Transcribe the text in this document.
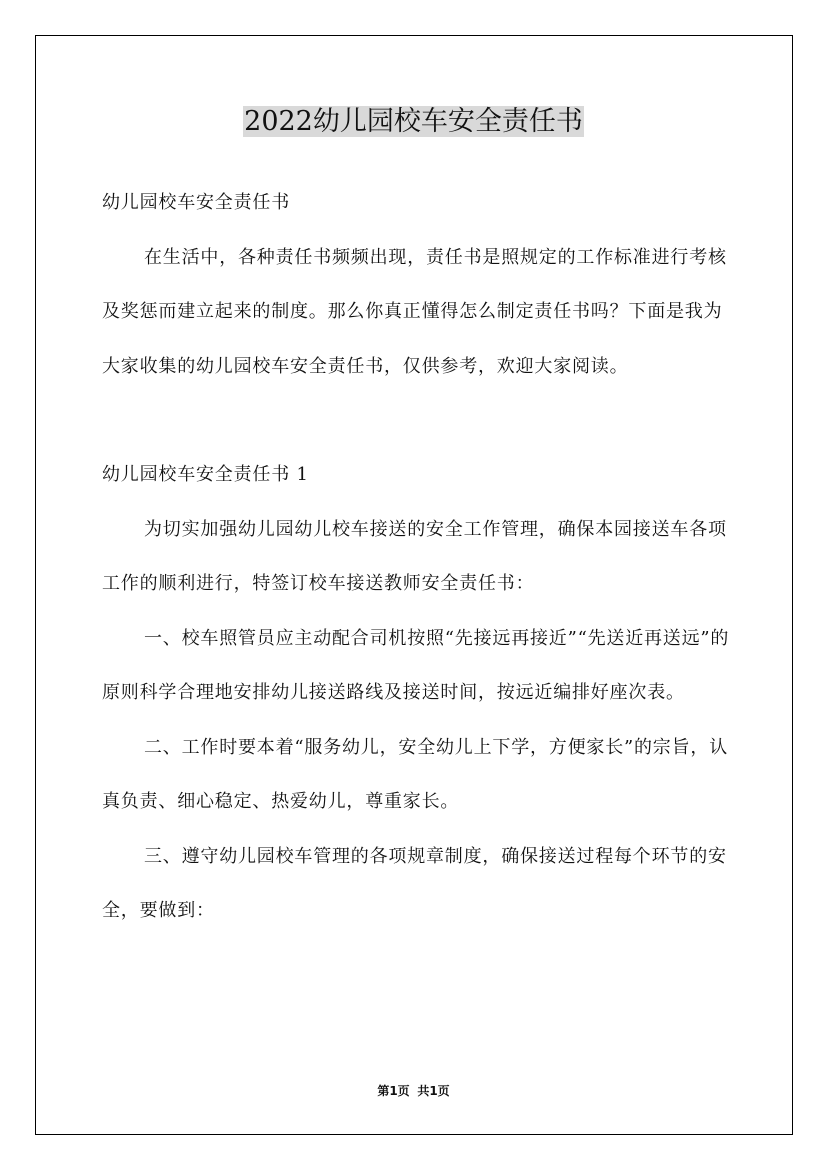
2022幼儿园校车安全责任书

幼儿园校车安全责任书

在生活中，各种责任书频频出现，责任书是照规定的工作标准进行考核及奖惩而建立起来的制度。那么你真正懂得怎么制定责任书吗？下面是我为大家收集的幼儿园校车安全责任书，仅供参考，欢迎大家阅读。

幼儿园校车安全责任书 1

为切实加强幼儿园幼儿校车接送的安全工作管理，确保本园接送车各项工作的顺利进行，特签订校车接送教师安全责任书：

一、校车照管员应主动配合司机按照“先接远再接近”“先送近再送远”的原则科学合理地安排幼儿接送路线及接送时间，按远近编排好座次表。

二、工作时要本着“服务幼儿，安全幼儿上下学，方便家长”的宗旨，认真负责、细心稳定、热爱幼儿，尊重家长。

三、遵守幼儿园校车管理的各项规章制度，确保接送过程每个环节的安全，要做到：

第1页 共1页
